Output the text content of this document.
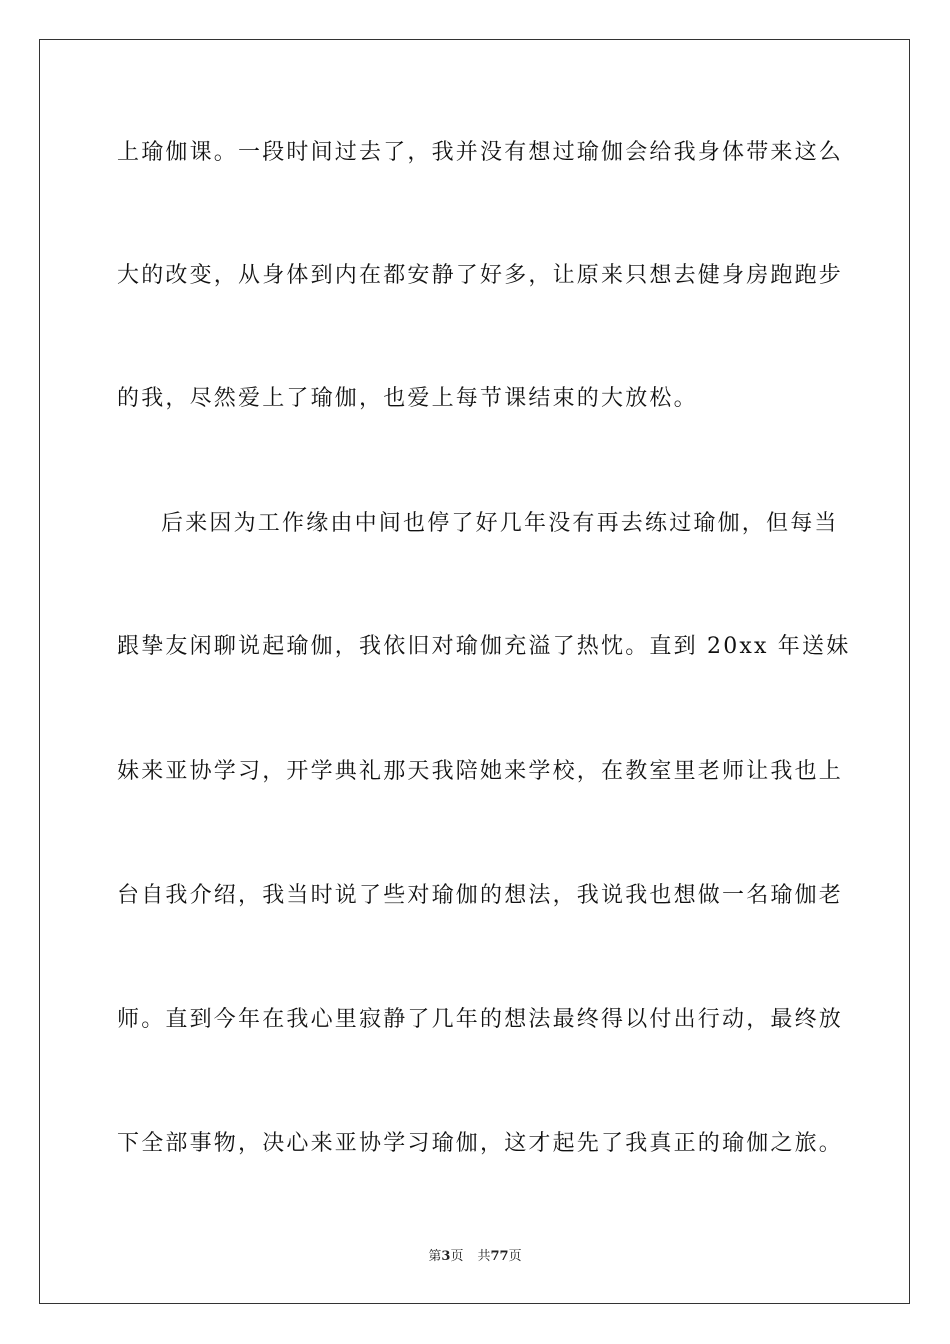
上瑜伽课。一段时间过去了，我并没有想过瑜伽会给我身体带来这么
大的改变，从身体到内在都安静了好多，让原来只想去健身房跑跑步
的我，尽然爱上了瑜伽，也爱上每节课结束的大放松。
后来因为工作缘由中间也停了好几年没有再去练过瑜伽，但每当
跟挚友闲聊说起瑜伽，我依旧对瑜伽充溢了热忱。直到 20xx 年送妹
妹来亚协学习，开学典礼那天我陪她来学校，在教室里老师让我也上
台自我介绍，我当时说了些对瑜伽的想法，我说我也想做一名瑜伽老
师。直到今年在我心里寂静了几年的想法最终得以付出行动，最终放
下全部事物，决心来亚协学习瑜伽，这才起先了我真正的瑜伽之旅。
第3页 共77页
